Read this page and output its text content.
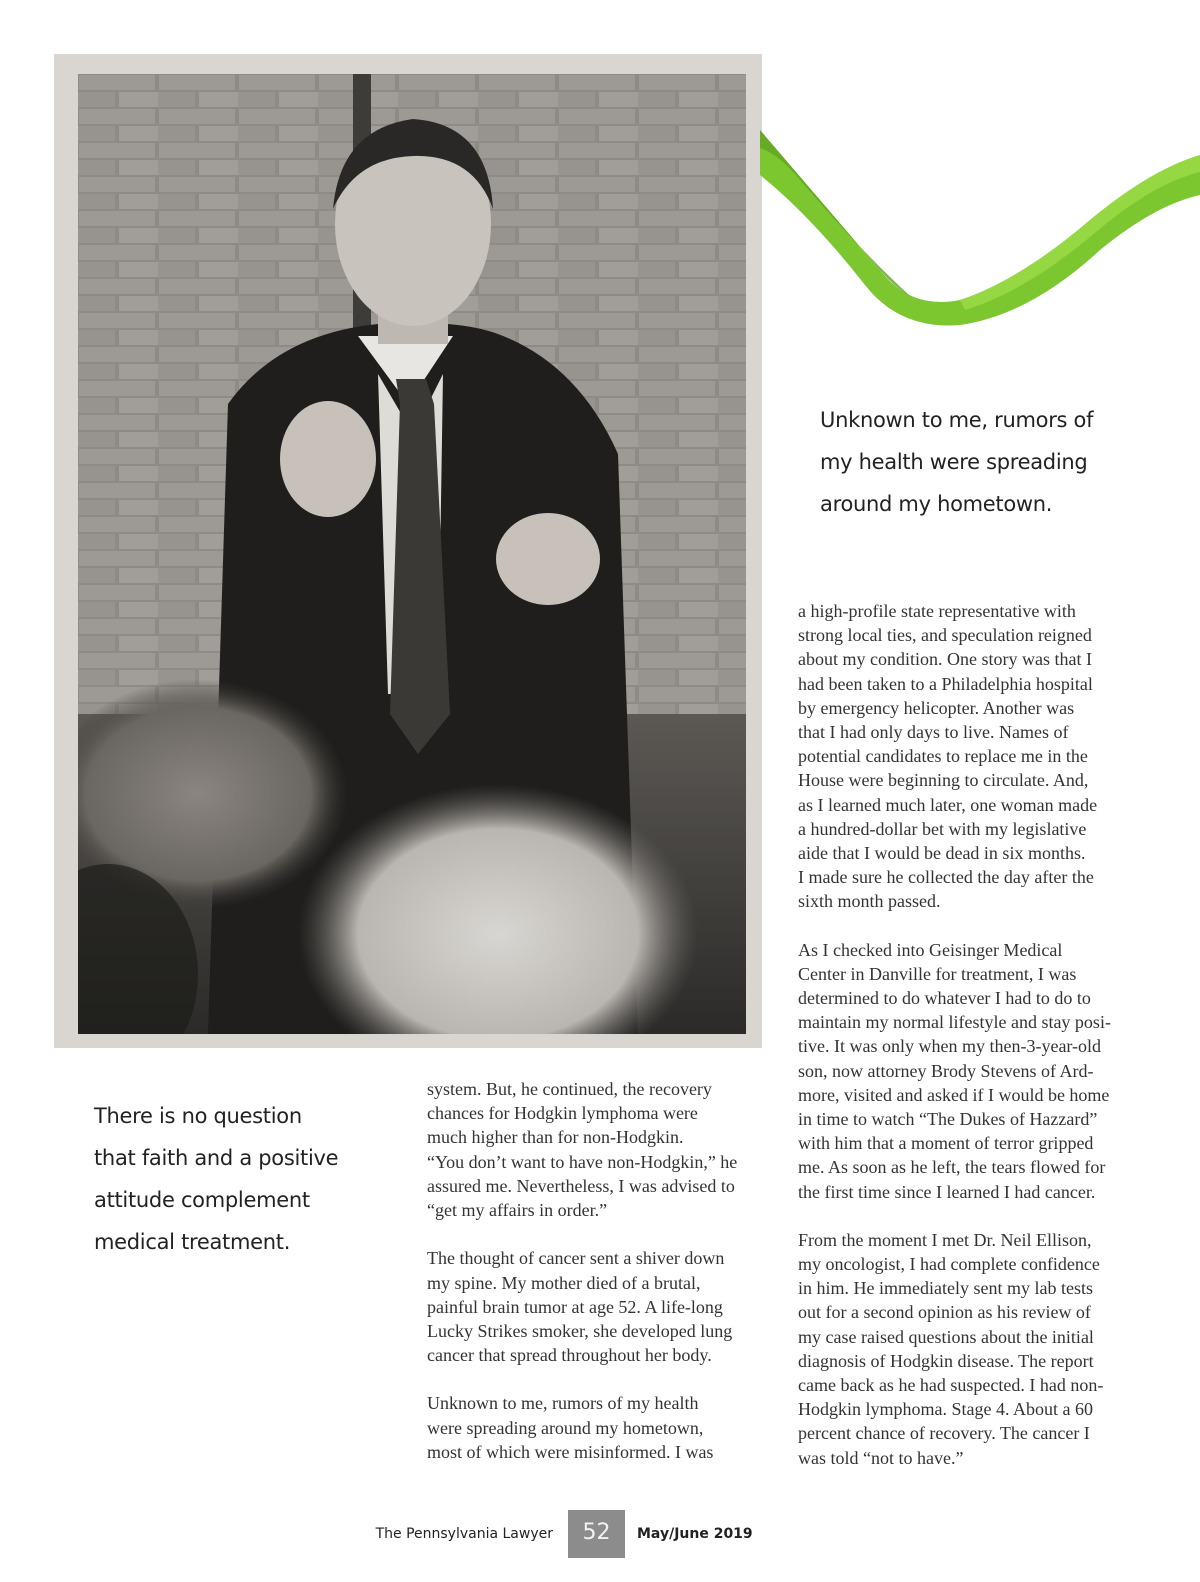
Unknown to me, rumors of
my health were spreading
around my hometown.
There is no question
that faith and a positive
attitude complement
medical treatment.
system. But, he continued, the recovery
chances for Hodgkin lymphoma were
much higher than for non-Hodgkin.
“You don’t want to have non-Hodgkin,” he
assured me. Nevertheless, I was advised to
“get my affairs in order.”
The thought of cancer sent a shiver down
my spine. My mother died of a brutal,
painful brain tumor at age 52. A life-long
Lucky Strikes smoker, she developed lung
cancer that spread throughout her body.
Unknown to me, rumors of my health
were spreading around my hometown,
most of which were misinformed. I was
a high-profile state representative with
strong local ties, and speculation reigned
about my condition. One story was that I
had been taken to a Philadelphia hospital
by emergency helicopter. Another was
that I had only days to live. Names of
potential candidates to replace me in the
House were beginning to circulate. And,
as I learned much later, one woman made
a hundred-dollar bet with my legislative
aide that I would be dead in six months.
I made sure he collected the day after the
sixth month passed.
As I checked into Geisinger Medical
Center in Danville for treatment, I was
determined to do whatever I had to do to
maintain my normal lifestyle and stay posi-
tive. It was only when my then-3-year-old
son, now attorney Brody Stevens of Ard-
more, visited and asked if I would be home
in time to watch “The Dukes of Hazzard”
with him that a moment of terror gripped
me. As soon as he left, the tears flowed for
the first time since I learned I had cancer.
From the moment I met Dr. Neil Ellison,
my oncologist, I had complete confidence
in him. He immediately sent my lab tests
out for a second opinion as his review of
my case raised questions about the initial
diagnosis of Hodgkin disease. The report
came back as he had suspected. I had non-
Hodgkin lymphoma. Stage 4. About a 60
percent chance of recovery. The cancer I
was told “not to have.”
The Pennsylvania Lawyer	52	May/June 2019
